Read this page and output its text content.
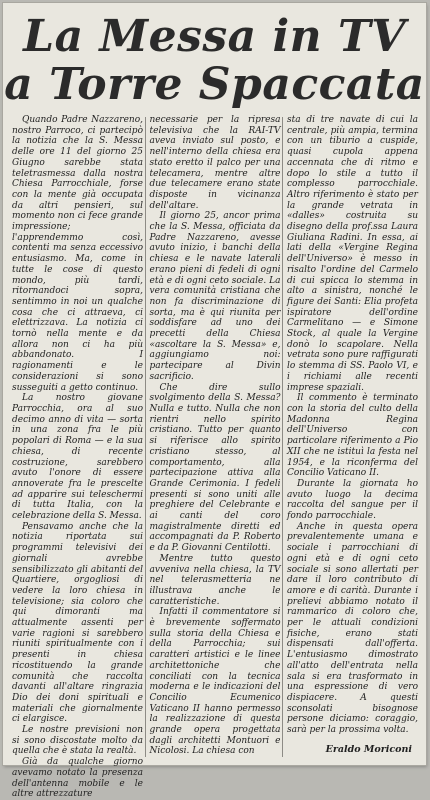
La Messa in TV
a Torre Spaccata

Quando Padre Nazzareno, nostro Parroco, ci partecipò la notizia che la S. Messa delle ore 11 del giorno 25 Giugno sarebbe stata teletrasmessa dalla nostra Chiesa Parrocchiale, forse con la mente già occupata da altri pensieri, sul momento non ci fece grande impressione; l'apprendemmo così, contenti ma senza eccessivo entusiasmo. Ma, come in tutte le cose di questo mondo, più tardi, ritornandoci sopra, sentimmo in noi un qualche cosa che ci attraeva, ci elettrizzava. La notizia ci tornò nella mente e da allora non ci ha più abbandonato. I ragionamenti e le considerazioni si sono susseguiti a getto continuo.

La nostro giovane Parrocchia, ora al suo decimo anno di vita — sorta in una zona fra le più popolari di Roma — e la sua chiesa, di recente costruzione, sarebbero avuto l'onore di essere annoverate fra le prescelte ad apparire sui teleschermi di tutta Italia, con la celebrazione della S. Messa.

Pensavamo anche che la notizia riportata sui programmi televisivi dei giornali avrebbe sensibilizzato gli abitanti del Quartiere, orgogliosi di vedere la loro chiesa in televisione; sia coloro che qui dimoranti ma attualmente assenti per varie ragioni si sarebbero riuniti spiritualmente con i presenti in chiesa ricostituendo la grande comunità che raccolta davanti all'altare ringrazia Dio dei doni spirituali e materiali che giornalmente ci elargisce.

Le nostre previsioni non si sono discostate molto da quella che è stata la realtà.

Già da qualche giorno avevamo notato la presenza dell'antenna mobile e le altre attrezzature

necessarie per la ripresa televisiva che la RAI-TV aveva inviato sul posto, e nell'interno della chiesa era stato eretto il palco per una telecamera, mentre altre due telecamere erano state disposte in vicinanza dell'altare.

Il giorno 25, ancor prima che la S. Messa, officiata da Padre Nazzareno, avesse avuto inizio, i banchi della chiesa e le navate laterali erano pieni di fedeli di ogni età e di ogni ceto sociale. La vera comunità cristiana che non fa discriminazione di sorta, ma è qui riunita per soddisfare ad uno dei precetti della Chiesa «ascoltare la S. Messa» e, aggiungiamo noi: partecipare al Divin sacrificio.

Che dire sullo svolgimento della S. Messa? Nulla e tutto. Nulla che non rientri nello spirito cristiano. Tutto per quanto si riferisce allo spirito cristiano stesso, al comportamento, alla partecipazione attiva alla Grande Cerimonia. I fedeli presenti si sono uniti alle preghiere del Celebrante e ai canti del coro magistralmente diretti ed accompagnati da P. Roberto e da P. Giovanni Centilotti.

Mentre tutto questo avveniva nella chiesa, la TV nel telerasmetteria ne illustrava anche le caratteristiche.

Infatti il commentatore si è brevemente soffermato sulla storia della Chiesa e della Parrocchia; sui caratteri artistici e le linee architettoniche che conciliati con la tecnica moderna e le indicazioni del Concilio Ecumenico Vaticano II hanno permesso la realizzazione di questa grande opera progettata dagli architetti Montuori e Nicolosi. La chiesa con

sta di tre navate di cui la centrale, più ampia, termina con un tiburio a cuspide, quasi cupola appena accennata che di ritmo e dopo lo stile a tutto il complesso parrocchiale. Altro riferimento è stato per la grande vetrata in «dalles» costruita su disegno della prof.ssa Laura Giuliana Radini. In essa, ai lati della «Vergine Regina dell'Universo» è messo in risalto l'ordine del Carmelo di cui spicca lo stemma in alto a sinistra, nonché le figure dei Santi: Elia profeta ispiratore dell'ordine Carmelitano — e Simone Stock, al quale la Vergine donò lo scapolare. Nella vetrata sono pure raffigurati lo stemma di SS. Paolo VI, e i richiami alle recenti imprese spaziali.

Il commento è terminato con la storia del culto della Madonna Regina dell'Universo con particolare riferimento a Pio XII che ne istituì la festa nel 1954, e la riconferma del Concilio Vaticano II.

Durante la giornata ho avuto luogo la decima raccolta del sangue per il fondo parrocchiale.

Anche in questa opera prevalentemente umana e sociale i parrocchiani di ogni età e di ogni ceto sociale si sono allertati per dare il loro contributo di amore e di carità. Durante i prelievi abbiamo notato il rammarico di coloro che, per le attuali condizioni fisiche, erano stati dispensati dall'offerta. L'entusiasmo dimostrato all'atto dell'entrata nella sala si era trasformato in una espressione di vero dispiacere. A questi sconsolati bisognose persone diciamo: coraggio, sarà per la prossima volta.

Eraldo Moriconi
